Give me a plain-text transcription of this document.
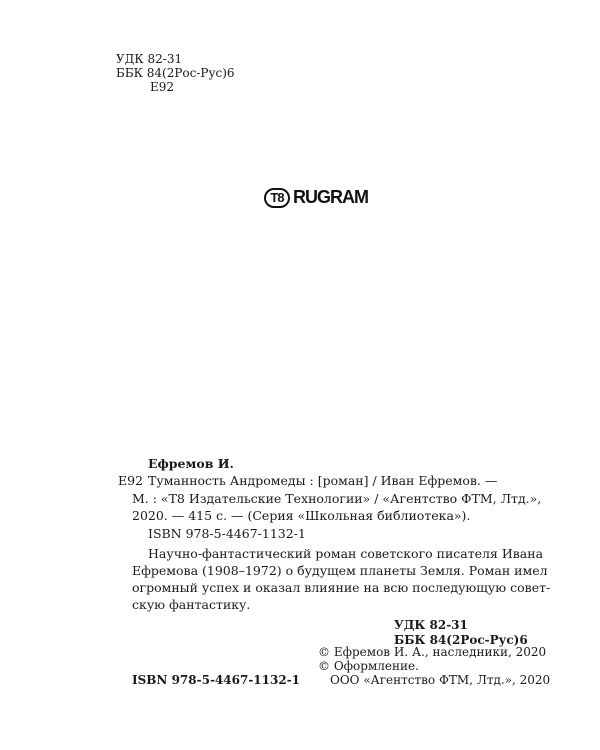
УДК 82-31
ББК 84(2Рос-Рус)6
Е92
T8 RUGRAM
Ефремов И.
Е92 Туманность Андромеды : [роман] / Иван Ефремов. —
М. : «Т8 Издательские Технологии» / «Агентство ФТМ, Лтд.»,
2020. — 415 с. — (Серия «Школьная библиотека»).
ISBN 978-5-4467-1132-1
Научно-фантастический роман советского писателя Ивана
Ефремова (1908–1972) о будущем планеты Земля. Роман имел
огромный успех и оказал влияние на всю последующую совет-
скую фантастику.
УДК 82-31
ББК 84(2Рос-Рус)6
© Ефремов И. А., наследники, 2020
© Оформление.
ООО «Агентство ФТМ, Лтд.», 2020
ISBN 978-5-4467-1132-1
